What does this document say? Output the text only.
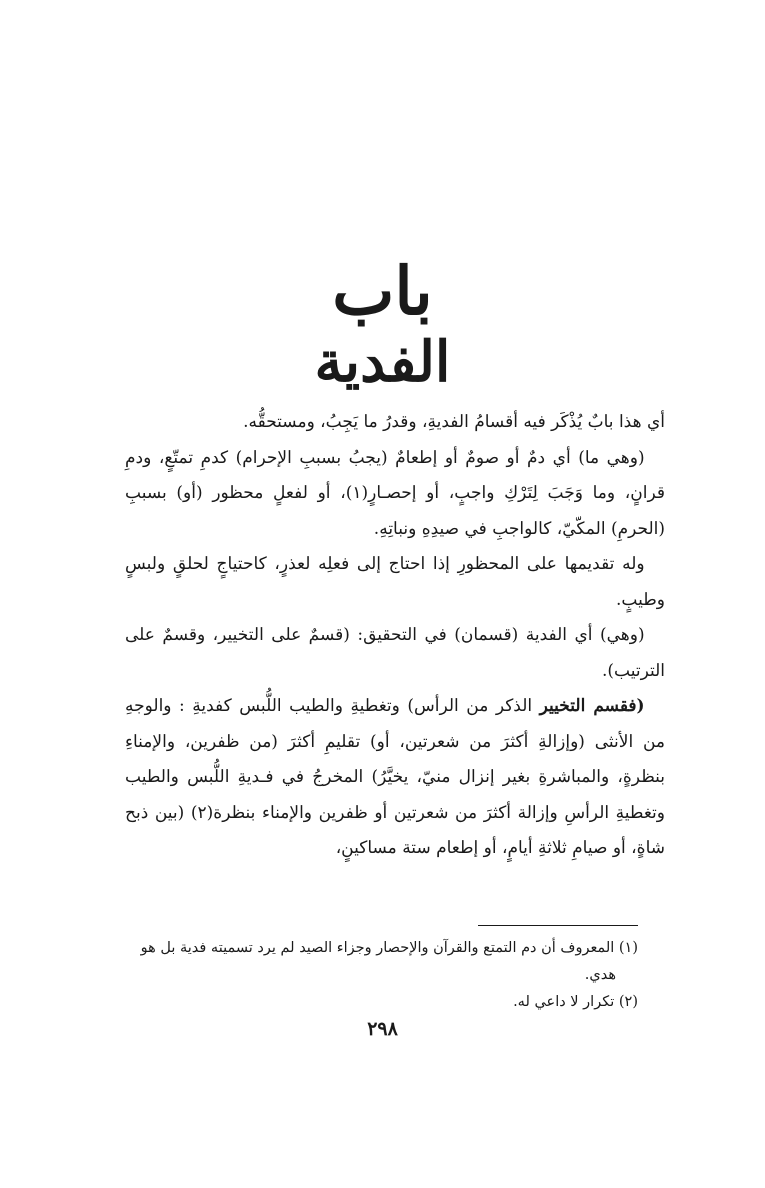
باب
الفدية

أي هذا بابٌ يُذْكَر فيه أقسامُ الفديةِ، وقدرُ ما يَجِبُ، ومستحقُّه.

(وهي ما) أي دمٌ أو صومٌ أو إطعامٌ (يجبُ بسببِ الإحرام) كدمِ تمتّعٍ، ودمِ قرانٍ، وما وَجَبَ لِتَرْكِ واجبٍ، أو إحصـارٍ(١)، أو لفعلٍ محظور (أو) بسببِ (الحرمِ) المكّيّ، كالواجبِ في صيدِهِ ونباتِهِ.

وله تقديمها على المحظورِ إذا احتاج إلى فعلِه لعذرٍ، كاحتياجٍ لحلقٍ ولبسٍ وطيبٍ.

(وهي) أي الفدية (قسمان) في التحقيق: (قسمٌ على التخيير، وقسمٌ على الترتيب).

(فقسم التخيير الذكر من الرأس) وتغطيةِ والطيب اللُّبس كفديةِ : والوجهِ من الأنثى (وإزالةِ أكثرَ من شعرتين، أو) تقليمِ أكثرَ (من ظفرين، والإمناءِ بنظرةٍ، والمباشرةِ بغير إنزال منيّ، يخيَّرُ) المخرجُ في فـديةِ اللُّبس والطيب وتغطيةِ الرأسِ وإزالة أكثرَ من شعرتين أو ظفرين والإمناء بنظرة(٢) (بين ذبح شاةٍ، أو صيامِ ثلاثةِ أيامٍ، أو إطعام ستة مساكينٍ،

(١) المعروف أن دم التمتع والقرآن والإحصار وجزاء الصيد لم يرد تسميته فدية بل هو

هدي.

(٢) تكرار لا داعي له.

٢٩٨
